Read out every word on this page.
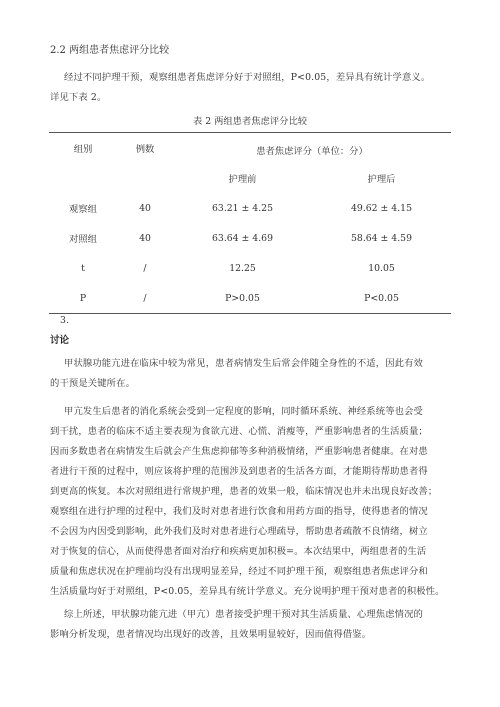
2.2 两组患者焦虑评分比较
经过不同护理干预，观察组患者焦虑评分好于对照组，P<0.05，差异具有统计学意义。
详见下表 2。
表 2 两组患者焦虑评分比较
组别	例数	患者焦虑评分（单位：分）	
		护理前	护理后
观察组	40	63.21 ± 4.25	49.62 ± 4.15
对照组	40	63.64 ± 4.69	58.64 ± 4.59
t	/	12.25	10.05
P	/	P>0.05	P<0.05
3.
讨论
甲状腺功能亢进在临床中较为常见，患者病情发生后常会伴随全身性的不适，因此有效
的干预是关键所在。
甲亢发生后患者的消化系统会受到一定程度的影响，同时循环系统、神经系统等也会受
到干扰，患者的临床不适主要表现为食欲亢进、心慌、消瘦等，严重影响患者的生活质量；
因而多数患者在病情发生后就会产生焦虑抑郁等多种消极情绪，严重影响患者健康。在对患
者进行干预的过程中，则应该将护理的范围涉及到患者的生活各方面，才能期待帮助患者得
到更高的恢复。本次对照组进行常规护理，患者的效果一般，临床情况也并未出现良好改善；
观察组在进行护理的过程中，我们及时对患者进行饮食和用药方面的指导，使得患者的情况
不会因为内因受到影响，此外我们及时对患者进行心理疏导，帮助患者疏散不良情绪，树立
对于恢复的信心，从而使得患者面对治疗和疾病更加积极=。本次结果中，两组患者的生活
质量和焦虑状况在护理前均没有出现明显差异，经过不同护理干预，观察组患者焦虑评分和
生活质量均好于对照组，P<0.05，差异具有统计学意义。充分说明护理干预对患者的积极性。
综上所述，甲状腺功能亢进（甲亢）患者接受护理干预对其生活质量、心理焦虑情况的
影响分析发现，患者情况均出现好的改善，且效果明显较好，因而值得借鉴。
